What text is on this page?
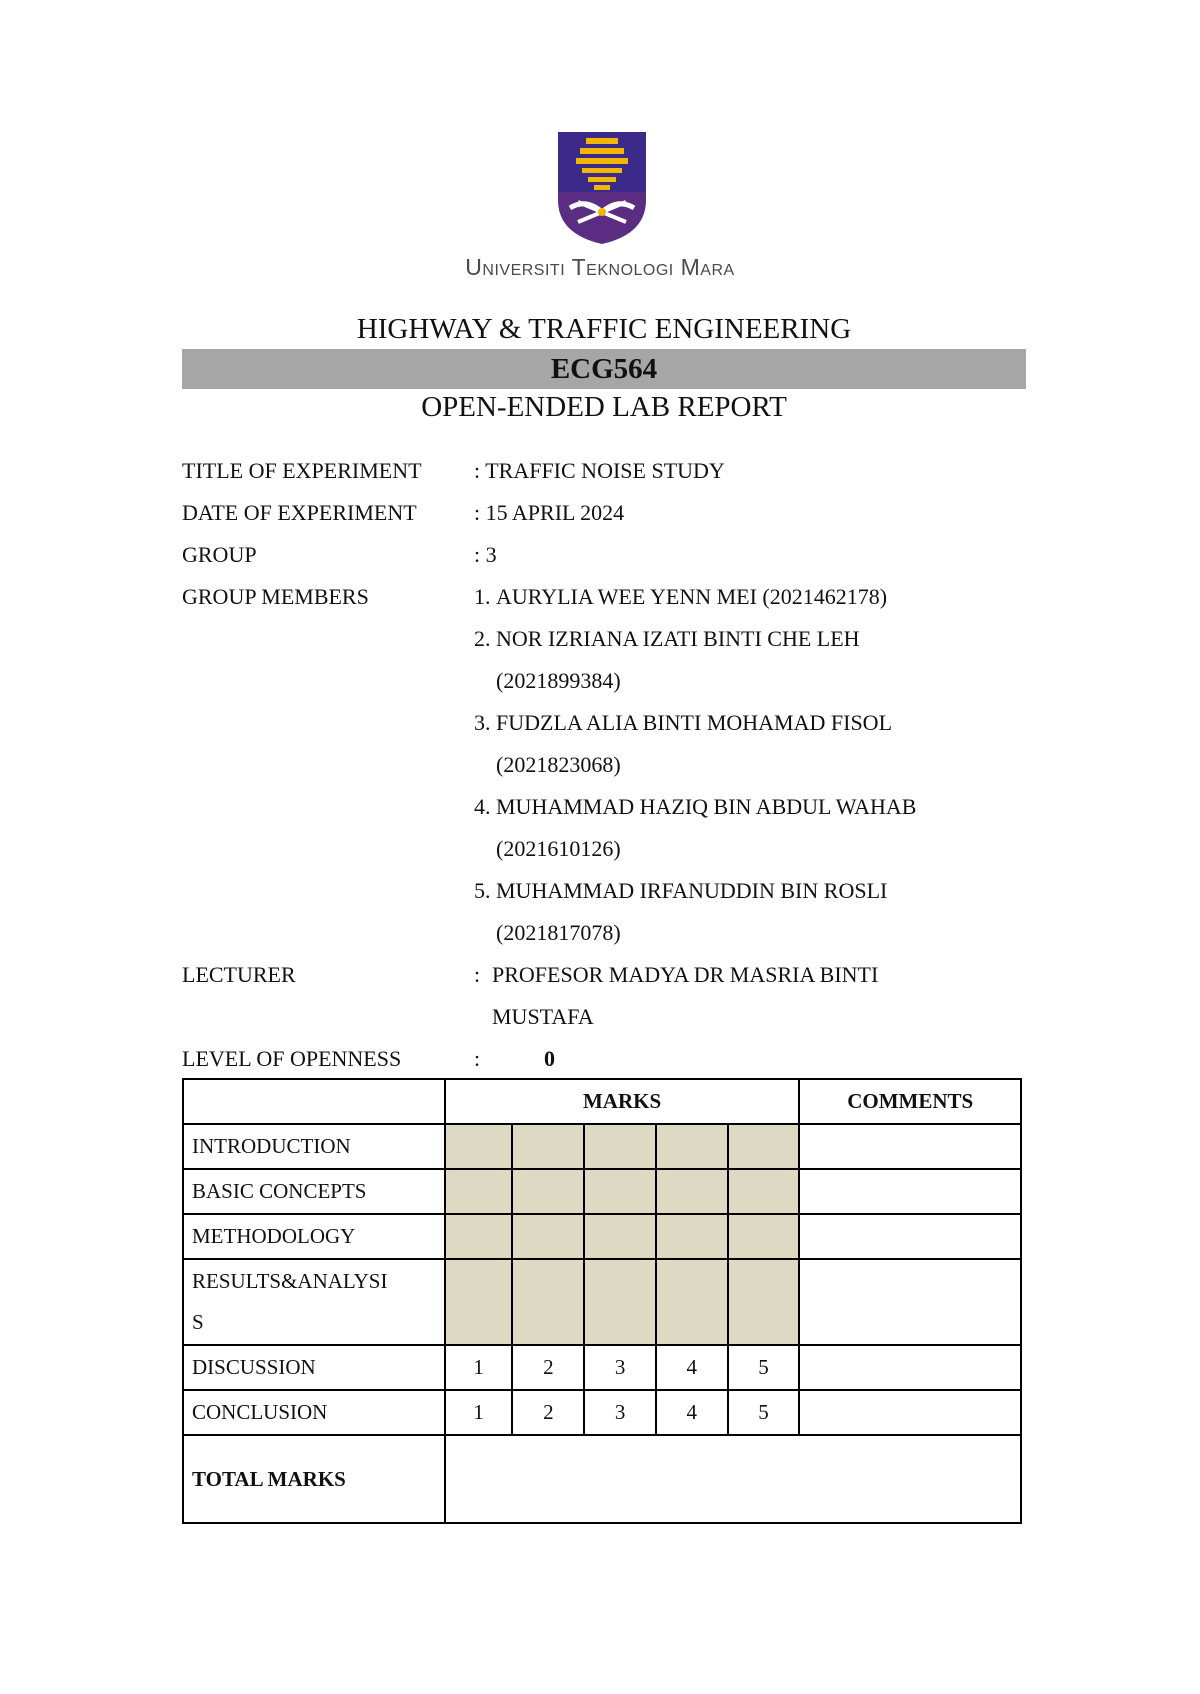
Universiti Teknologi Mara
HIGHWAY & TRAFFIC ENGINEERING
ECG564
OPEN-ENDED LAB REPORT
TITLE OF EXPERIMENT : TRAFFIC NOISE STUDY
DATE OF EXPERIMENT	: 15 APRIL 2024
GROUP	: 3
GROUP MEMBERS	1. AURYLIA WEE YENN MEI (2021462178)
2. NOR IZRIANA IZATI BINTI CHE LEH
(2021899384)
3. FUDZLA ALIA BINTI MOHAMAD FISOL
(2021823068)
4. MUHAMMAD HAZIQ BIN ABDUL WAHAB
(2021610126)
5. MUHAMMAD IRFANUDDIN BIN ROSLI
(2021817078)
LECTURER	: PROFESOR MADYA DR MASRIA BINTI
MUSTAFA
LEVEL OF OPENNESS	:	0
	MARKS					COMMENTS
INTRODUCTION						
BASIC CONCEPTS						
METHODOLOGY						

RESULTS&ANALYSI
S						

DISCUSSION	1	2	3	4	5	
CONCLUSION	1	2	3	4	5	
TOTAL MARKS						
